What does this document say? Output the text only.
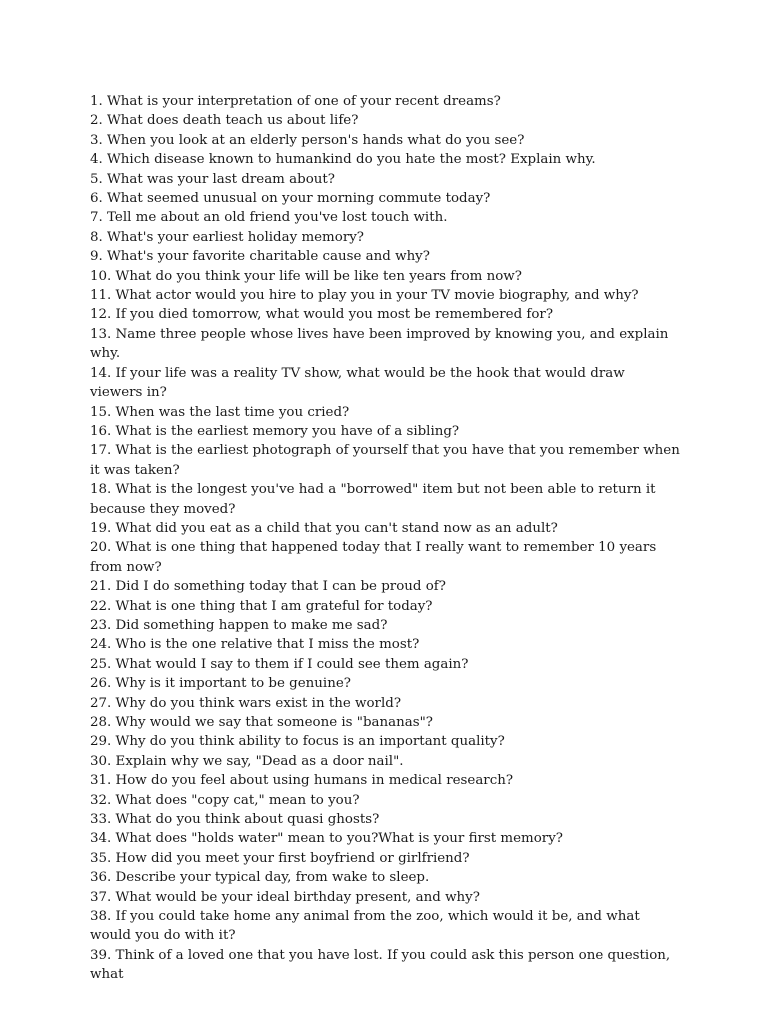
1. What is your interpretation of one of your recent dreams?
2. What does death teach us about life?
3. When you look at an elderly person's hands what do you see?
4. Which disease known to humankind do you hate the most? Explain why.
5. What was your last dream about?
6. What seemed unusual on your morning commute today?
7. Tell me about an old friend you've lost touch with.
8. What's your earliest holiday memory?
9. What's your favorite charitable cause and why?
10. What do you think your life will be like ten years from now?
11. What actor would you hire to play you in your TV movie biography, and why?
12. If you died tomorrow, what would you most be remembered for?
13. Name three people whose lives have been improved by knowing you, and explain why.
14. If your life was a reality TV show, what would be the hook that would draw viewers in?
15. When was the last time you cried?
16. What is the earliest memory you have of a sibling?
17. What is the earliest photograph of yourself that you have that you remember when it was taken?
18. What is the longest you've had a "borrowed" item but not been able to return it because they moved?
19. What did you eat as a child that you can't stand now as an adult?
20. What is one thing that happened today that I really want to remember 10 years from now?
21. Did I do something today that I can be proud of?
22. What is one thing that I am grateful for today?
23. Did something happen to make me sad?
24. Who is the one relative that I miss the most?
25. What would I say to them if I could see them again?
26. Why is it important to be genuine?
27. Why do you think wars exist in the world?
28. Why would we say that someone is "bananas"?
29. Why do you think ability to focus is an important quality?
30. Explain why we say, "Dead as a door nail".
31. How do you feel about using humans in medical research?
32. What does "copy cat," mean to you?
33. What do you think about quasi ghosts?
34. What does "holds water" mean to you?What is your first memory?
35. How did you meet your first boyfriend or girlfriend?
36. Describe your typical day, from wake to sleep.
37. What would be your ideal birthday present, and why?
38. If you could take home any animal from the zoo, which would it be, and what would you do with it?
39. Think of a loved one that you have lost. If you could ask this person one question, what
